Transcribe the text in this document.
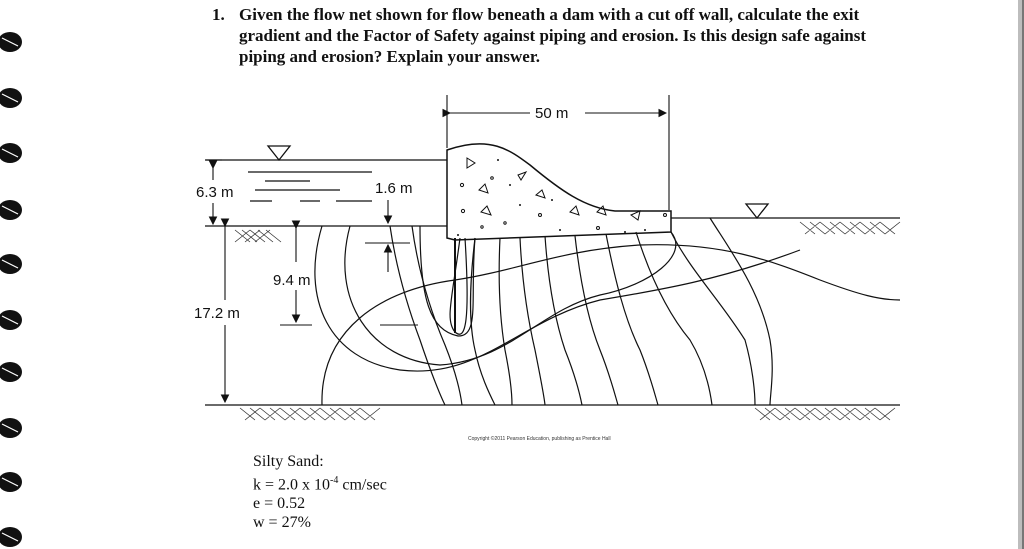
1. Given the flow net shown for flow beneath a dam with a cut off wall, calculate the exit gradient and the Factor of Safety against piping and erosion. Is this design safe against piping and erosion? Explain your answer.
50 m
6.3 m	1.6 m
9.4 m
17.2 m
Copyright ©2011 Pearson Education, publishing as Prentice Hall
Silty Sand:
k = 2.0 x $10^{-4}$ cm/sec
e = 0.52
w = 27%
